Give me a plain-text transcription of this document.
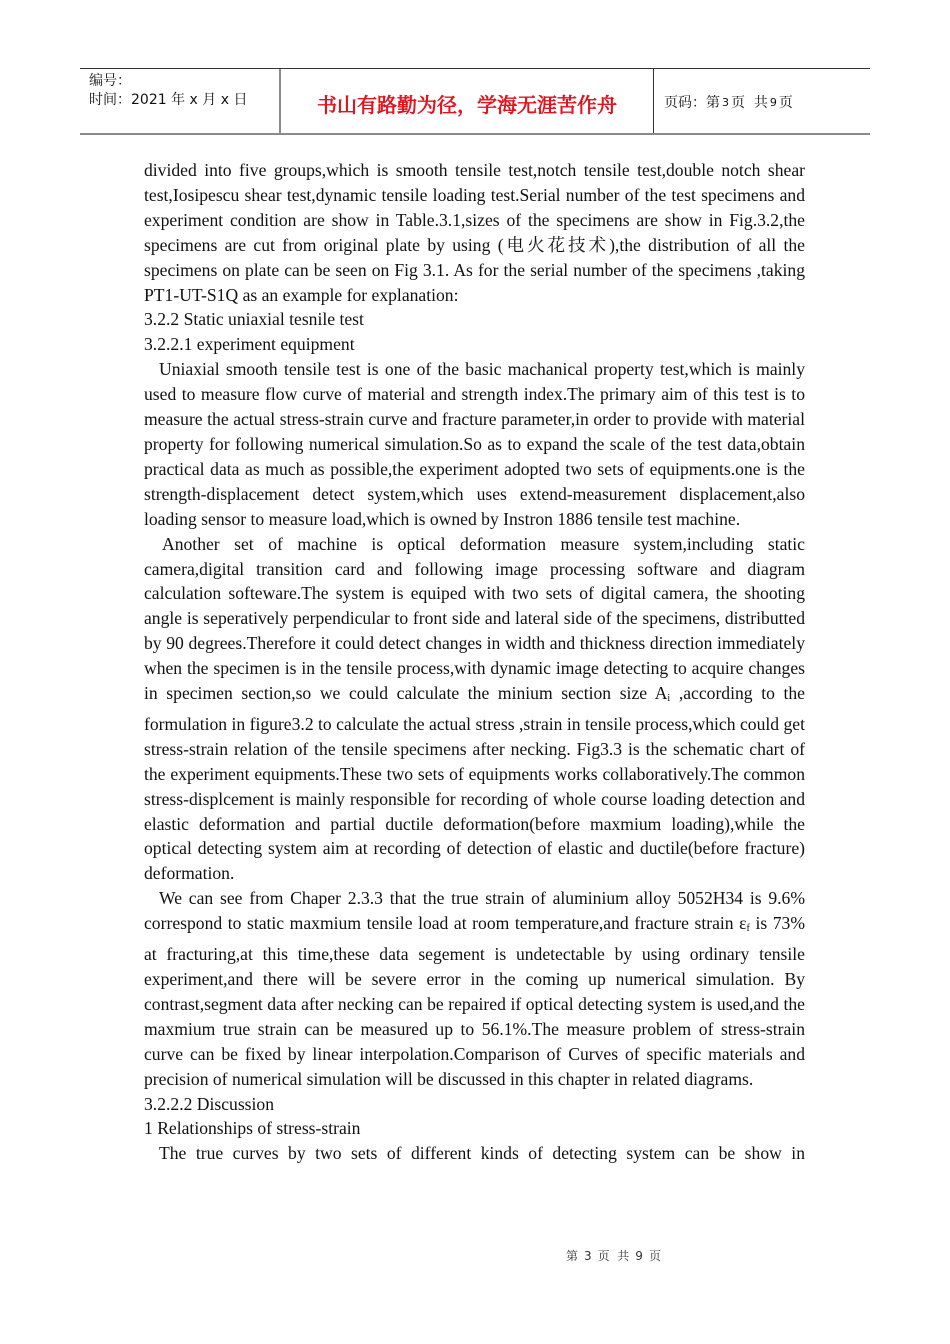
编号：
时间：2021 年 x 月 x 日	书山有路勤为径，学海无涯苦作舟	页码：第 3 页  共 9 页

divided into five groups,which is smooth tensile test,notch tensile test,double notch shear test,Iosipescu shear test,dynamic tensile loading test.Serial number of the test specimens and experiment condition are show in Table.3.1,sizes of the specimens are show in Fig.3.2,the specimens are cut from original plate by using (电火花技术),the distribution of all the specimens on plate can be seen on Fig 3.1. As for the serial number of the specimens ,taking PT1-UT-S1Q as an example for explanation:

3.2.2 Static uniaxial tesnile test

3.2.2.1 experiment equipment

Uniaxial smooth tensile test is one of the basic machanical property test,which is mainly used to measure flow curve of material and strength index.The primary aim of this test is to measure the actual stress-strain curve and fracture parameter,in order to provide with material property for following numerical simulation.So as to expand the scale of the test data,obtain practical data as much as possible,the experiment adopted two sets of equipments.one is the strength-displacement detect system,which uses extend-measurement displacement,also loading sensor to measure load,which is owned by Instron 1886 tensile test machine.

Another set of machine is optical deformation measure system,including static camera,digital transition card and following image processing software and diagram calculation softeware.The system is equiped with two sets of digital camera, the shooting angle is seperatively perpendicular to front side and lateral side of the specimens, distributted by 90 degrees.Therefore it could detect changes in width and thickness direction immediately when the specimen is in the tensile process,with dynamic image detecting to acquire changes in specimen section,so we could calculate the minium section size $A_i$ ,according to the formulation in figure3.2 to calculate the actual stress ,strain in tensile process,which could get stress-strain relation of the tensile specimens after necking. Fig3.3 is the schematic chart of the experiment equipments.These two sets of equipments works collaboratively.The common stress-displcement is mainly responsible for recording of whole course loading detection and elastic deformation and partial ductile deformation(before maxmium loading),while the optical detecting system aim at recording of detection of elastic and ductile(before fracture) deformation.

We can see from Chaper 2.3.3 that the true strain of aluminium alloy 5052H34 is 9.6% correspond to static maxmium tensile load at room temperature,and fracture strain $\varepsilon_f$ is 73% at fracturing,at this time,these data segement is undetectable by using ordinary tensile experiment,and there will be severe error in the coming up numerical simulation. By contrast,segment data after necking can be repaired if optical detecting system is used,and the maxmium true strain can be measured up to 56.1%.The measure problem of stress-strain curve can be fixed by linear interpolation.Comparison of Curves of specific materials and precision of numerical simulation will be discussed in this chapter in related diagrams.

3.2.2.2 Discussion

1 Relationships of stress-strain

The true curves by two sets of different kinds of detecting system can be show in

第 3 页  共 9 页
